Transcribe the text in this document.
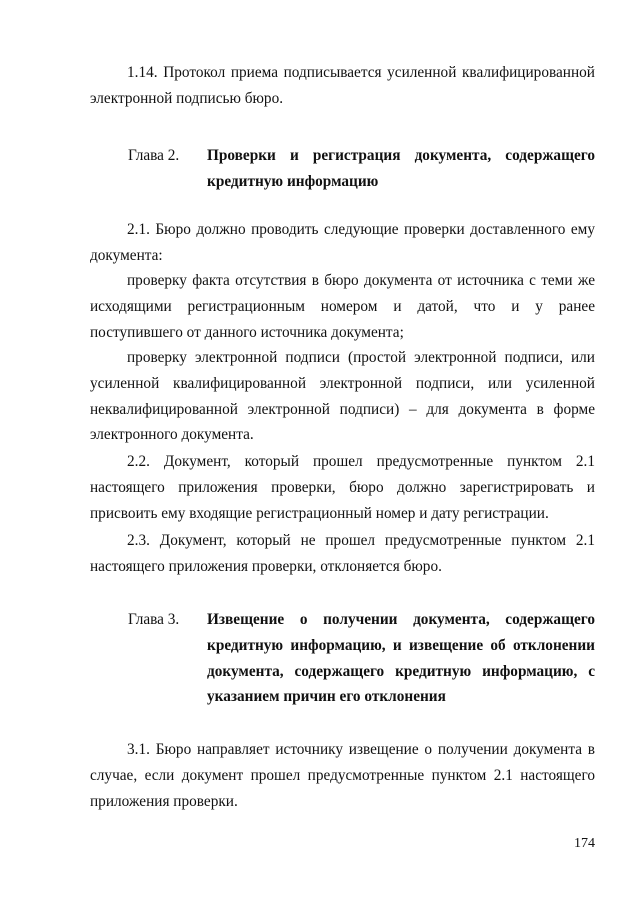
1.14. Протокол приема подписывается усиленной квалифицированной электронной подписью бюро.

Глава 2.	Проверки и регистрация документа, содержащего кредитную информацию

2.1. Бюро должно проводить следующие проверки доставленного ему документа:

проверку факта отсутствия в бюро документа от источника с теми же исходящими регистрационным номером и датой, что и у ранее поступившего от данного источника документа;

проверку электронной подписи (простой электронной подписи, или усиленной квалифицированной электронной подписи, или усиленной неквалифицированной электронной подписи) – для документа в форме электронного документа.

2.2. Документ, который прошел предусмотренные пунктом 2.1 настоящего приложения проверки, бюро должно зарегистрировать и присвоить ему входящие регистрационный номер и дату регистрации.

2.3. Документ, который не прошел предусмотренные пунктом 2.1 настоящего приложения проверки, отклоняется бюро.

Глава 3.	Извещение о получении документа, содержащего кредитную информацию, и извещение об отклонении документа, содержащего кредитную информацию, с указанием причин его отклонения

3.1. Бюро направляет источнику извещение о получении документа в случае, если документ прошел предусмотренные пунктом 2.1 настоящего приложения проверки.

174
